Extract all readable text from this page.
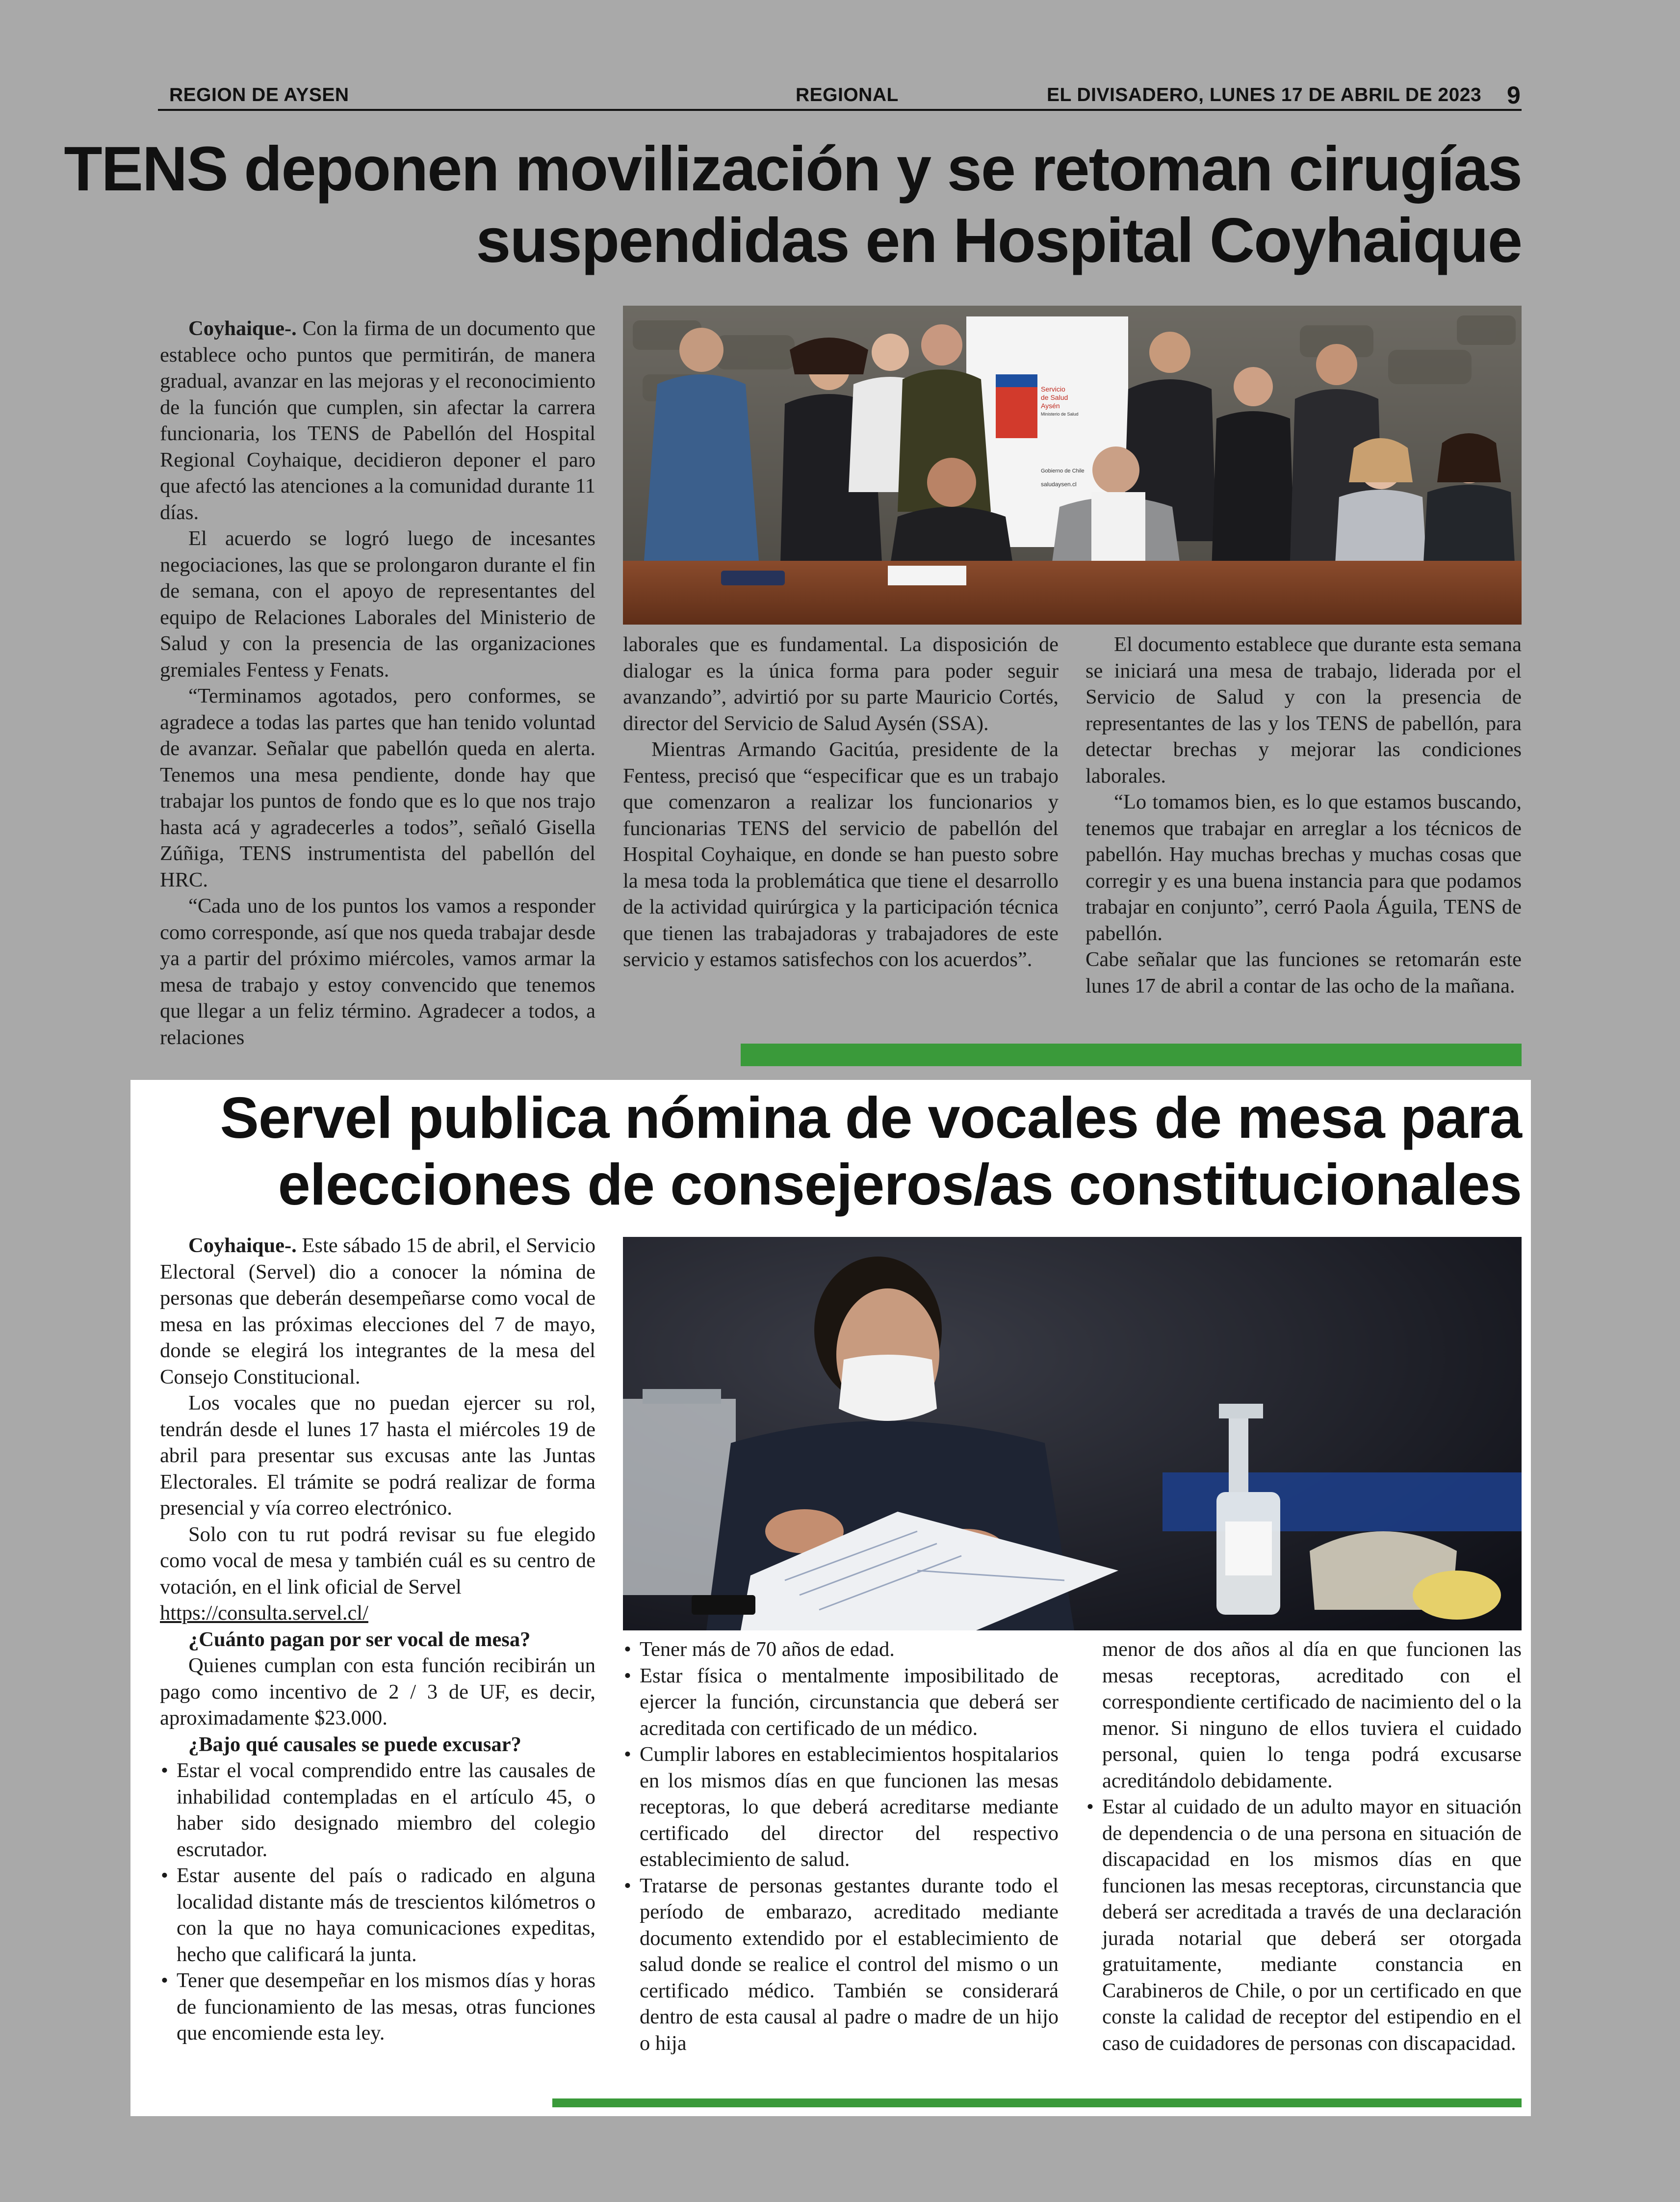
REGION DE AYSEN	REGIONAL	EL DIVISADERO, LUNES 17 DE ABRIL DE 2023 9
TENS deponen movilización y se retoman cirugías
suspendidas en Hospital Coyhaique
Servicio
de Salud
Aysén
Ministerio de Salud
Gobierno de Chile
saludaysen.cl

Coyhaique-. Con la firma de un documento que establece ocho puntos que permitirán, de manera gradual, avanzar en las mejoras y el reconocimiento de la función que cumplen, sin afectar la carrera funcionaria, los TENS de Pabellón del Hospital Regional Coyhaique, decidieron deponer el paro que afectó las atenciones a la comunidad durante 11 días.

El acuerdo se logró luego de incesantes negociaciones, las que se prolongaron durante el fin de semana, con el apoyo de representantes del equipo de Relaciones Laborales del Ministerio de Salud y con la presencia de las organizaciones gremiales Fentess y Fenats.

“Terminamos agotados, pero conformes, se agradece a todas las partes que han tenido voluntad de avanzar. Señalar que pabellón queda en alerta. Tenemos una mesa pendiente, donde hay que trabajar los puntos de fondo que es lo que nos trajo hasta acá y agradecerles a todos”, señaló Gisella Zúñiga, TENS instrumentista del pabellón del HRC.

“Cada uno de los puntos los vamos a responder como corresponde, así que nos queda trabajar desde ya a partir del próximo miércoles, vamos armar la mesa de trabajo y estoy convencido que tenemos que llegar a un feliz término. Agradecer a todos, a relaciones

laborales que es fundamental. La disposición de dialogar es la única forma para poder seguir avanzando”, advirtió por su parte Mauricio Cortés, director del Servicio de Salud Aysén (SSA).

Mientras Armando Gacitúa, presidente de la Fentess, precisó que “especificar que es un trabajo que comenzaron a realizar los funcionarios y funcionarias TENS del servicio de pabellón del Hospital Coyhaique, en donde se han puesto sobre la mesa toda la problemática que tiene el desarrollo de la actividad quirúrgica y la participación técnica que tienen las trabajadoras y trabajadores de este servicio y estamos satisfechos con los acuerdos”.

El documento establece que durante esta semana se iniciará una mesa de trabajo, liderada por el Servicio de Salud y con la presencia de representantes de las y los TENS de pabellón, para detectar brechas y mejorar las condiciones laborales.

“Lo tomamos bien, es lo que estamos buscando, tenemos que trabajar en arreglar a los técnicos de pabellón. Hay muchas brechas y muchas cosas que corregir y es una buena instancia para que podamos trabajar en conjunto”, cerró Paola Águila, TENS de pabellón.

Cabe señalar que las funciones se retomarán este lunes 17 de abril a contar de las ocho de la mañana.

Servel publica nómina de vocales de mesa para
elecciones de consejeros/as constitucionales

Coyhaique-. Este sábado 15 de abril, el Servicio Electoral (Servel) dio a conocer la nómina de personas que deberán desempeñarse como vocal de mesa en las próximas elecciones del 7 de mayo, donde se elegirá los integrantes de la mesa del Consejo Constitucional.

Los vocales que no puedan ejercer su rol, tendrán desde el lunes 17 hasta el miércoles 19 de abril para presentar sus excusas ante las Juntas Electorales. El trámite se podrá realizar de forma presencial y vía correo electrónico.

Solo con tu rut podrá revisar su fue elegido como vocal de mesa y también cuál es su centro de votación, en el link oficial de Servel

https://consulta.servel.cl/

¿Cuánto pagan por ser vocal de mesa?

Quienes cumplan con esta función recibirán un pago como incentivo de 2 / 3 de UF, es decir, aproximadamente $23.000.

¿Bajo qué causales se puede excusar?
• Estar el vocal comprendido entre las causales de inhabilidad contempladas en el artículo 45, o haber sido designado miembro del colegio escrutador.
• Estar ausente del país o radicado en alguna localidad distante más de trescientos kilómetros o con la que no haya comunicaciones expeditas, hecho que calificará la junta.
• Tener que desempeñar en los mismos días y horas de funcionamiento de las mesas, otras funciones que encomiende esta ley.
• Tener más de 70 años de edad.
• Estar física o mentalmente imposibilitado de ejercer la función, circunstancia que deberá ser acreditada con certificado de un médico.
• Cumplir labores en establecimientos hospitalarios en los mismos días en que funcionen las mesas receptoras, lo que deberá acreditarse mediante certificado del director del respectivo establecimiento de salud.
• Tratarse de personas gestantes durante todo el período de embarazo, acreditado mediante documento extendido por el establecimiento de salud donde se realice el control del mismo o un certificado médico. También se considerará dentro de esta causal al padre o madre de un hijo o hija

menor de dos años al día en que funcionen las mesas receptoras, acreditado con el correspondiente certificado de nacimiento del o la menor. Si ninguno de ellos tuviera el cuidado personal, quien lo tenga podrá excusarse acreditándolo debidamente.

• Estar al cuidado de un adulto mayor en situación de dependencia o de una persona en situación de discapacidad en los mismos días en que funcionen las mesas receptoras, circunstancia que deberá ser acreditada a través de una declaración jurada notarial que deberá ser otorgada gratuitamente, mediante constancia en Carabineros de Chile, o por un certificado en que conste la calidad de receptor del estipendio en el caso de cuidadores de personas con discapacidad.
